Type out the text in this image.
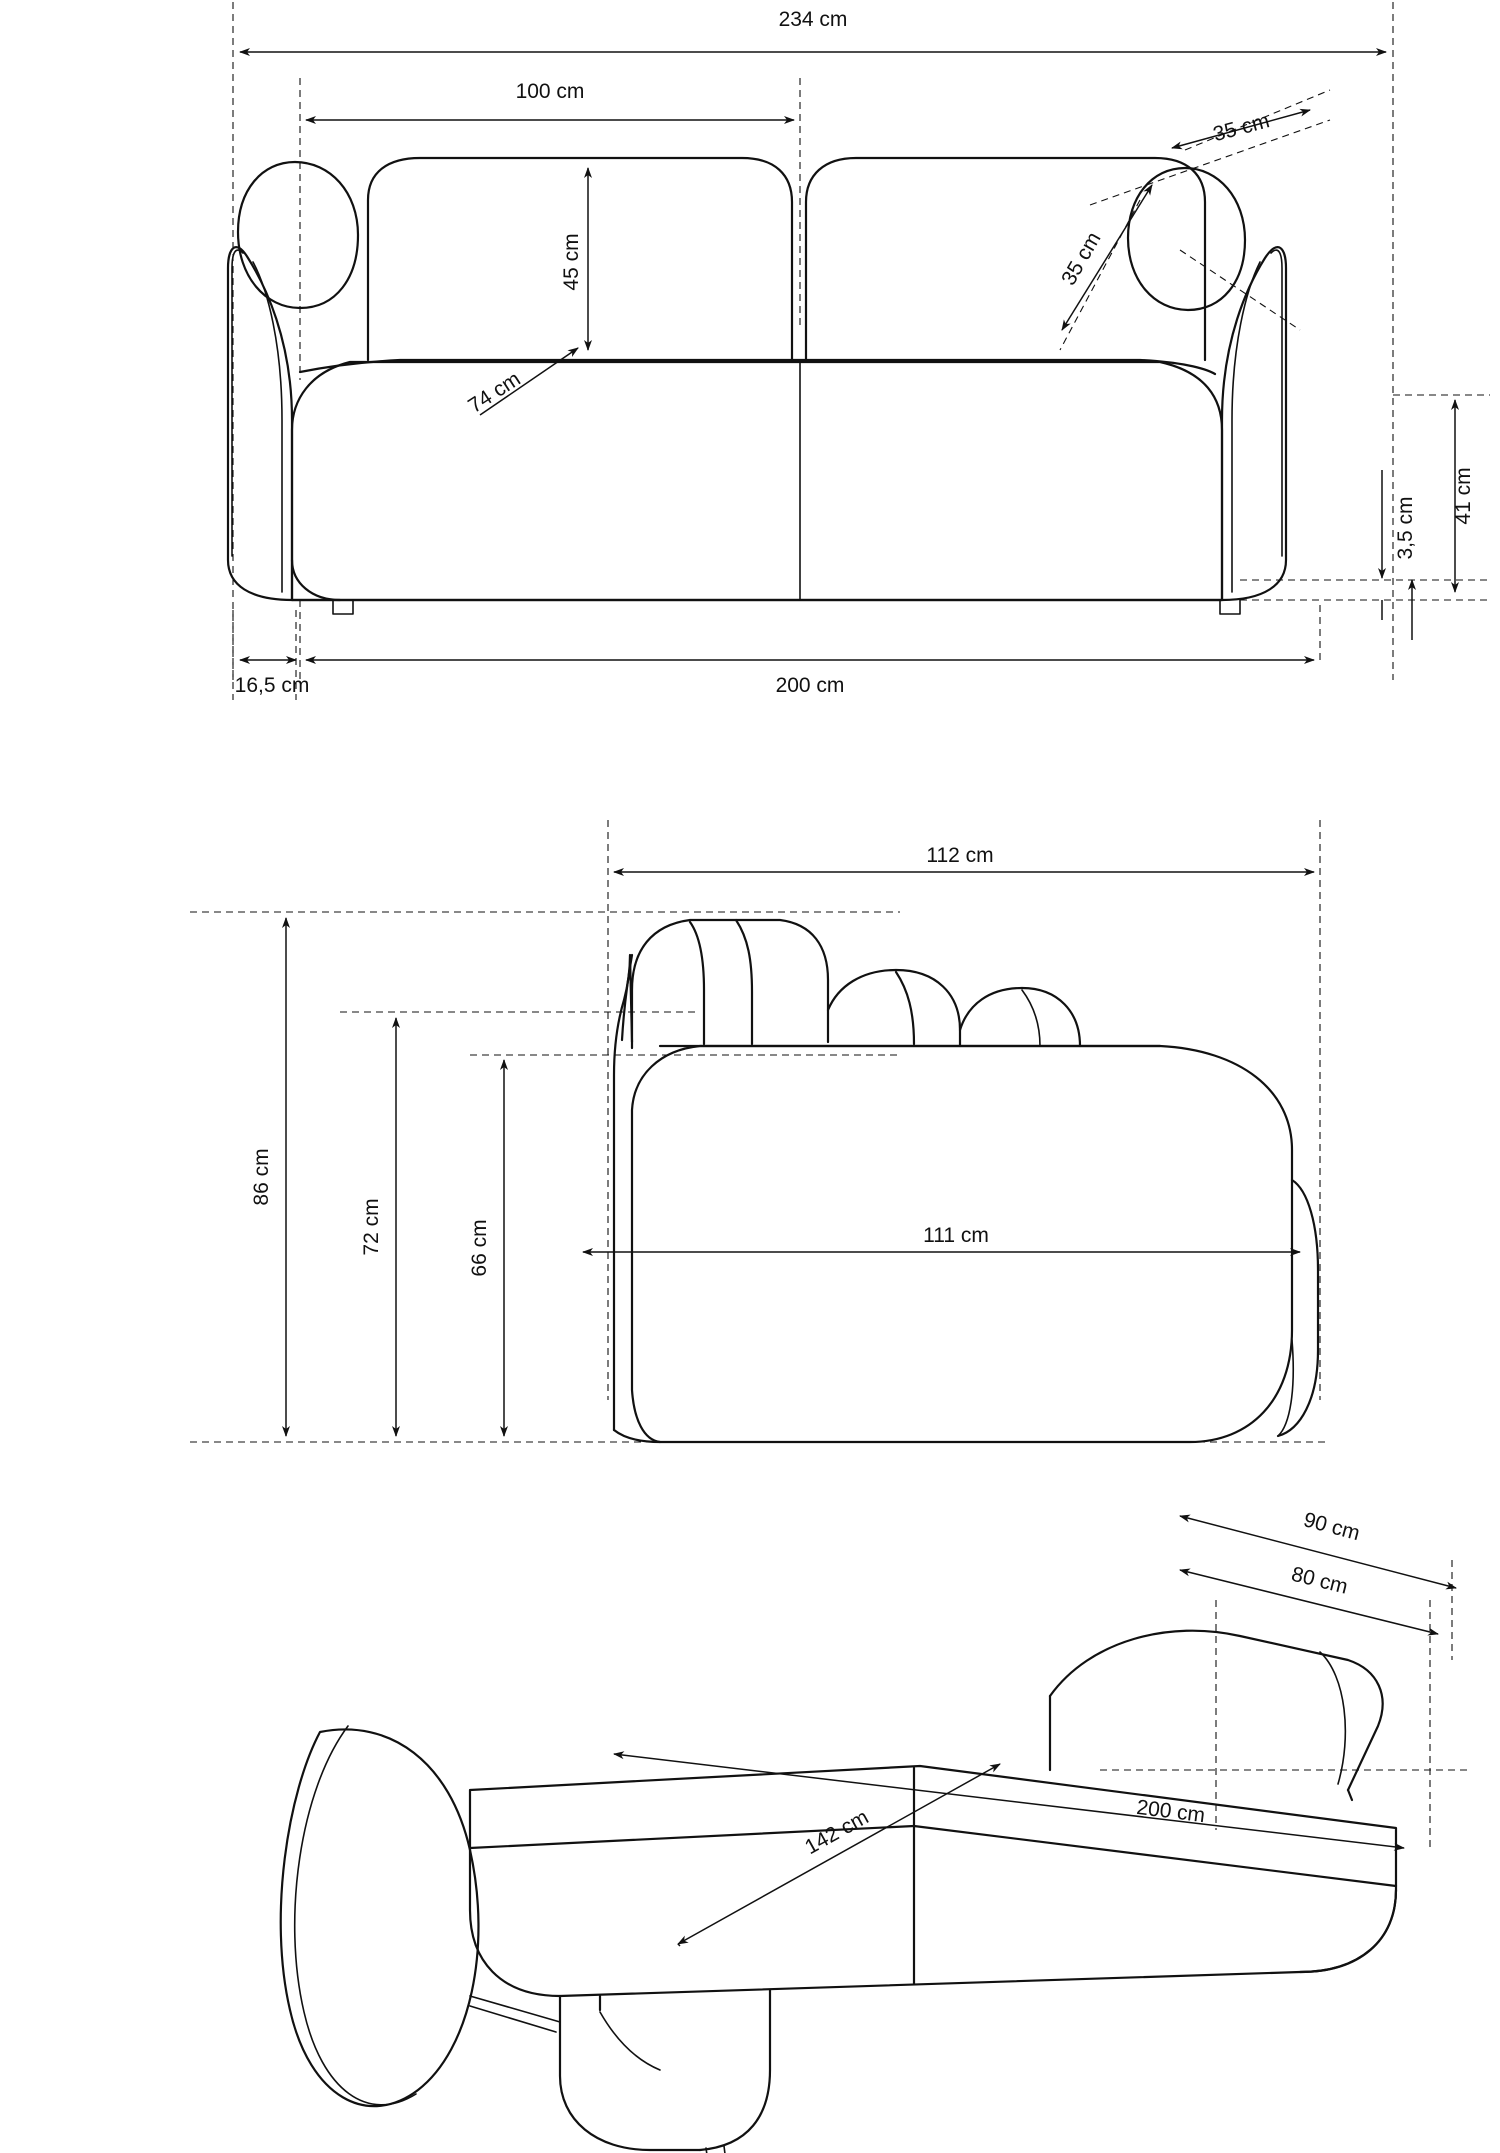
234 cm
100 cm
45 cm
74 cm
35 cm
35 cm
41 cm
3,5 cm
16,5 cm	200 cm
112 cm
86 cm
72 cm	66 cm	111 cm
90 cm
80 cm
142 cm	200 cm
